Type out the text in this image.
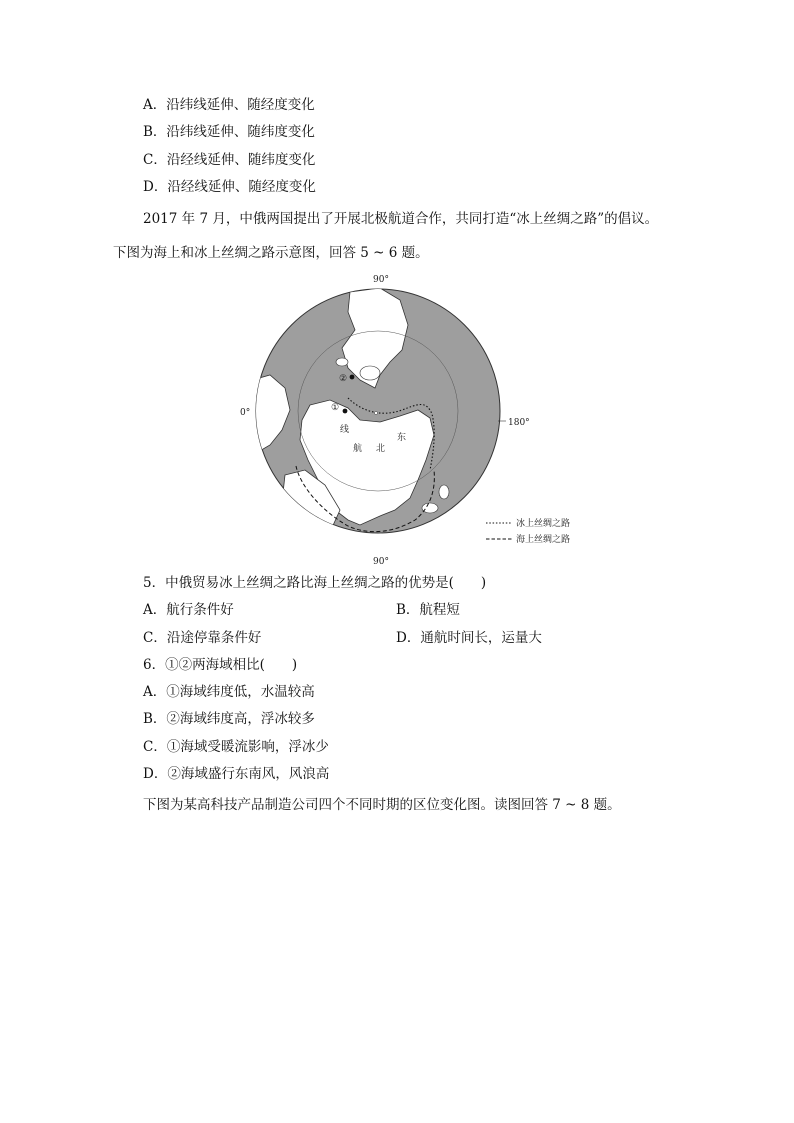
A．沿纬线延伸、随经度变化
B．沿纬线延伸、随纬度变化
C．沿经线延伸、随纬度变化
D．沿经线延伸、随经度变化
2017 年 7 月，中俄两国提出了开展北极航道合作，共同打造“冰上丝绸之路”的倡议。
下图为海上和冰上丝绸之路示意图，回答 5 ~ 6 题。
90°
90°
0°
180°
②
①
线
航 北
东
冰上丝绸之路
海上丝绸之路
5．中俄贸易冰上丝绸之路比海上丝绸之路的优势是(　　)
A．航行条件好	B．航程短
C．沿途停靠条件好	D．通航时间长，运量大
6．①②两海域相比(　　)
A．①海域纬度低，水温较高
B．②海域纬度高，浮冰较多
C．①海域受暖流影响，浮冰少
D．②海域盛行东南风，风浪高
下图为某高科技产品制造公司四个不同时期的区位变化图。读图回答 7 ~ 8 题。
